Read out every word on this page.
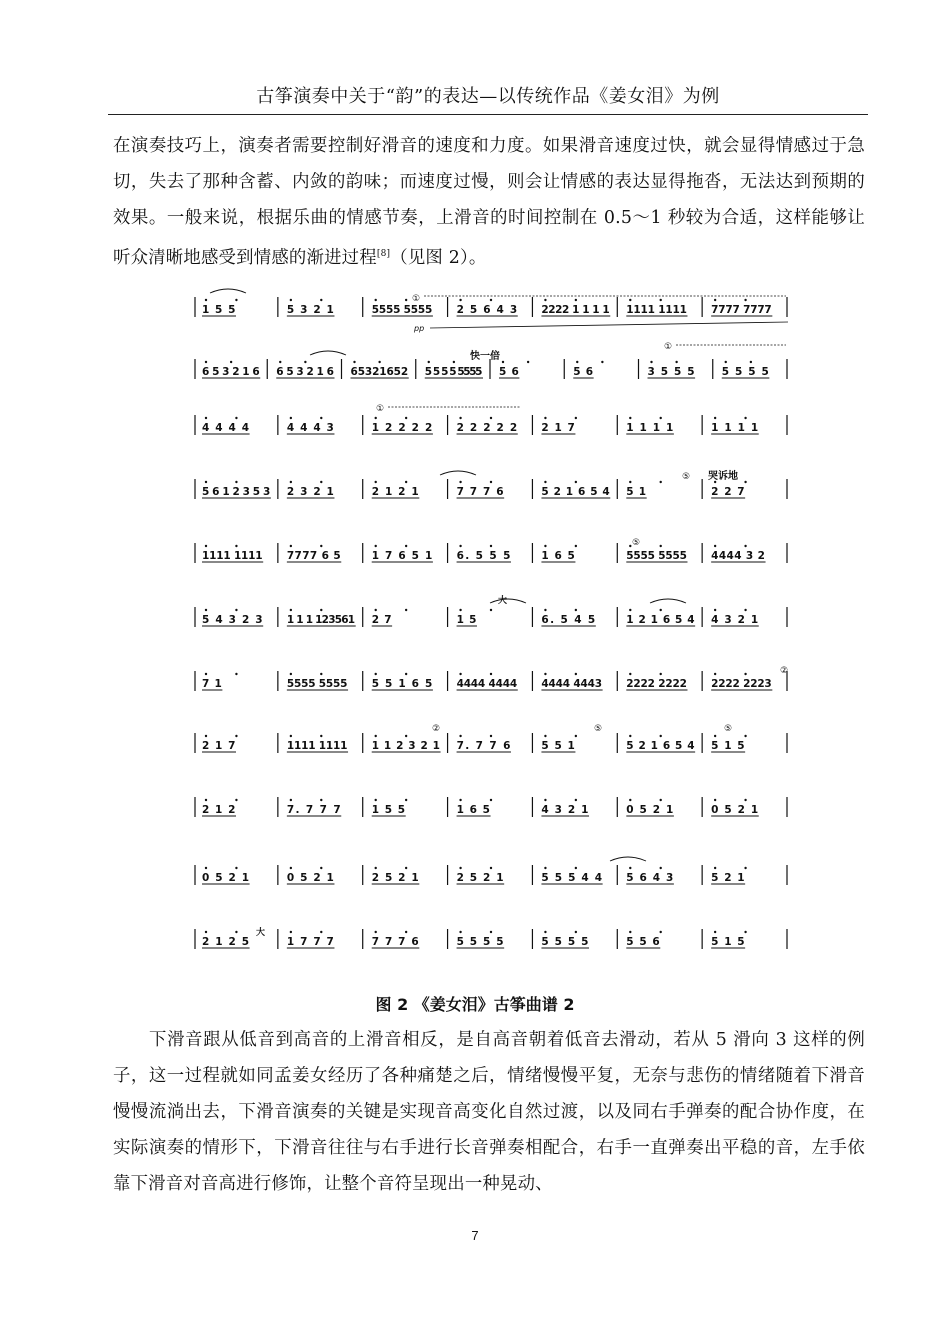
古筝演奏中关于“韵”的表达—以传统作品《姜女泪》为例
在演奏技巧上，演奏者需要控制好滑音的速度和力度。如果滑音速度过快，就会显得情感过于急切，失去了那种含蓄、内敛的韵味；而速度过慢，则会让情感的表达显得拖沓，无法达到预期的效果。一般来说，根据乐曲的情感节奏，上滑音的时间控制在 0.5～1 秒较为合适，这样能够让听众清晰地感受到情感的渐进过程[8]（见图 2）。
1 5 5	5 3 2 1	5555 5555 2 5 6 4 3 2222 1 1 1 1 1111 1111 7777 7777
6 5 3 2 1 6 6 5 3 2 1 6 6 5 3 2 1 6 5 2 5 5 5 5 5555 5 6	5 6	3 5 5 5	5 5 5 5
4 4 4 4	4 4 4 3	1 2 2 2 2 2 2 2 2 2 2 1 7	1 1 1 1	1 1 1 1
5 6 1 2 3 5 3 2 3 2 1	2 1 2 1	7 7 7 6	5 2 1 6 5 4 5 1	2 2 7
1111 1111 7777 6 5	1 7 6 5 1 6. 5 5 5	1 6 5	5555 5555 4444 3 2
5 4 3 2 3 1 1 1 123561 2 7	1 5	6. 5 4 5	1 2 1 6 5 4 4 3 2 1
7 1	5555 5555 5 5 1 6 5 4444 4444 4444 4443 2222 2222 2222 2223
2 1 7	1111 1111 1 1 2 3 2 1 7. 7 7 6	5 5 1	5 2 1 6 5 4 5 1 5
2 1 2	7. 7 7 7	1 5 5	1 6 5	4 3 2 1	0 5 2 1	0 5 2 1
0 5 2 1	0 5 2 1	2 5 2 1	2 5 2 1	5 5 5 4 4 5 6 4 3	5 2 1
2 1 2 5	1 7 7 7	7 7 7 6	5 5 5 5	5 5 5 5	5 5 6	5 1 5
pp
①
快一倍
①
①
哭诉地
⑤
⑤
大
大
②
②	⑤	⑤
图 2 《姜女泪》古筝曲谱 2
下滑音跟从低音到高音的上滑音相反，是自高音朝着低音去滑动，若从 5 滑向 3 这样的例子，这一过程就如同孟姜女经历了各种痛楚之后，情绪慢慢平复，无奈与悲伤的情绪随着下滑音慢慢流淌出去，下滑音演奏的关键是实现音高变化自然过渡，以及同右手弹奏的配合协作度，在实际演奏的情形下，下滑音往往与右手进行长音弹奏相配合，右手一直弹奏出平稳的音，左手依靠下滑音对音高进行修饰，让整个音符呈现出一种晃动、
7
